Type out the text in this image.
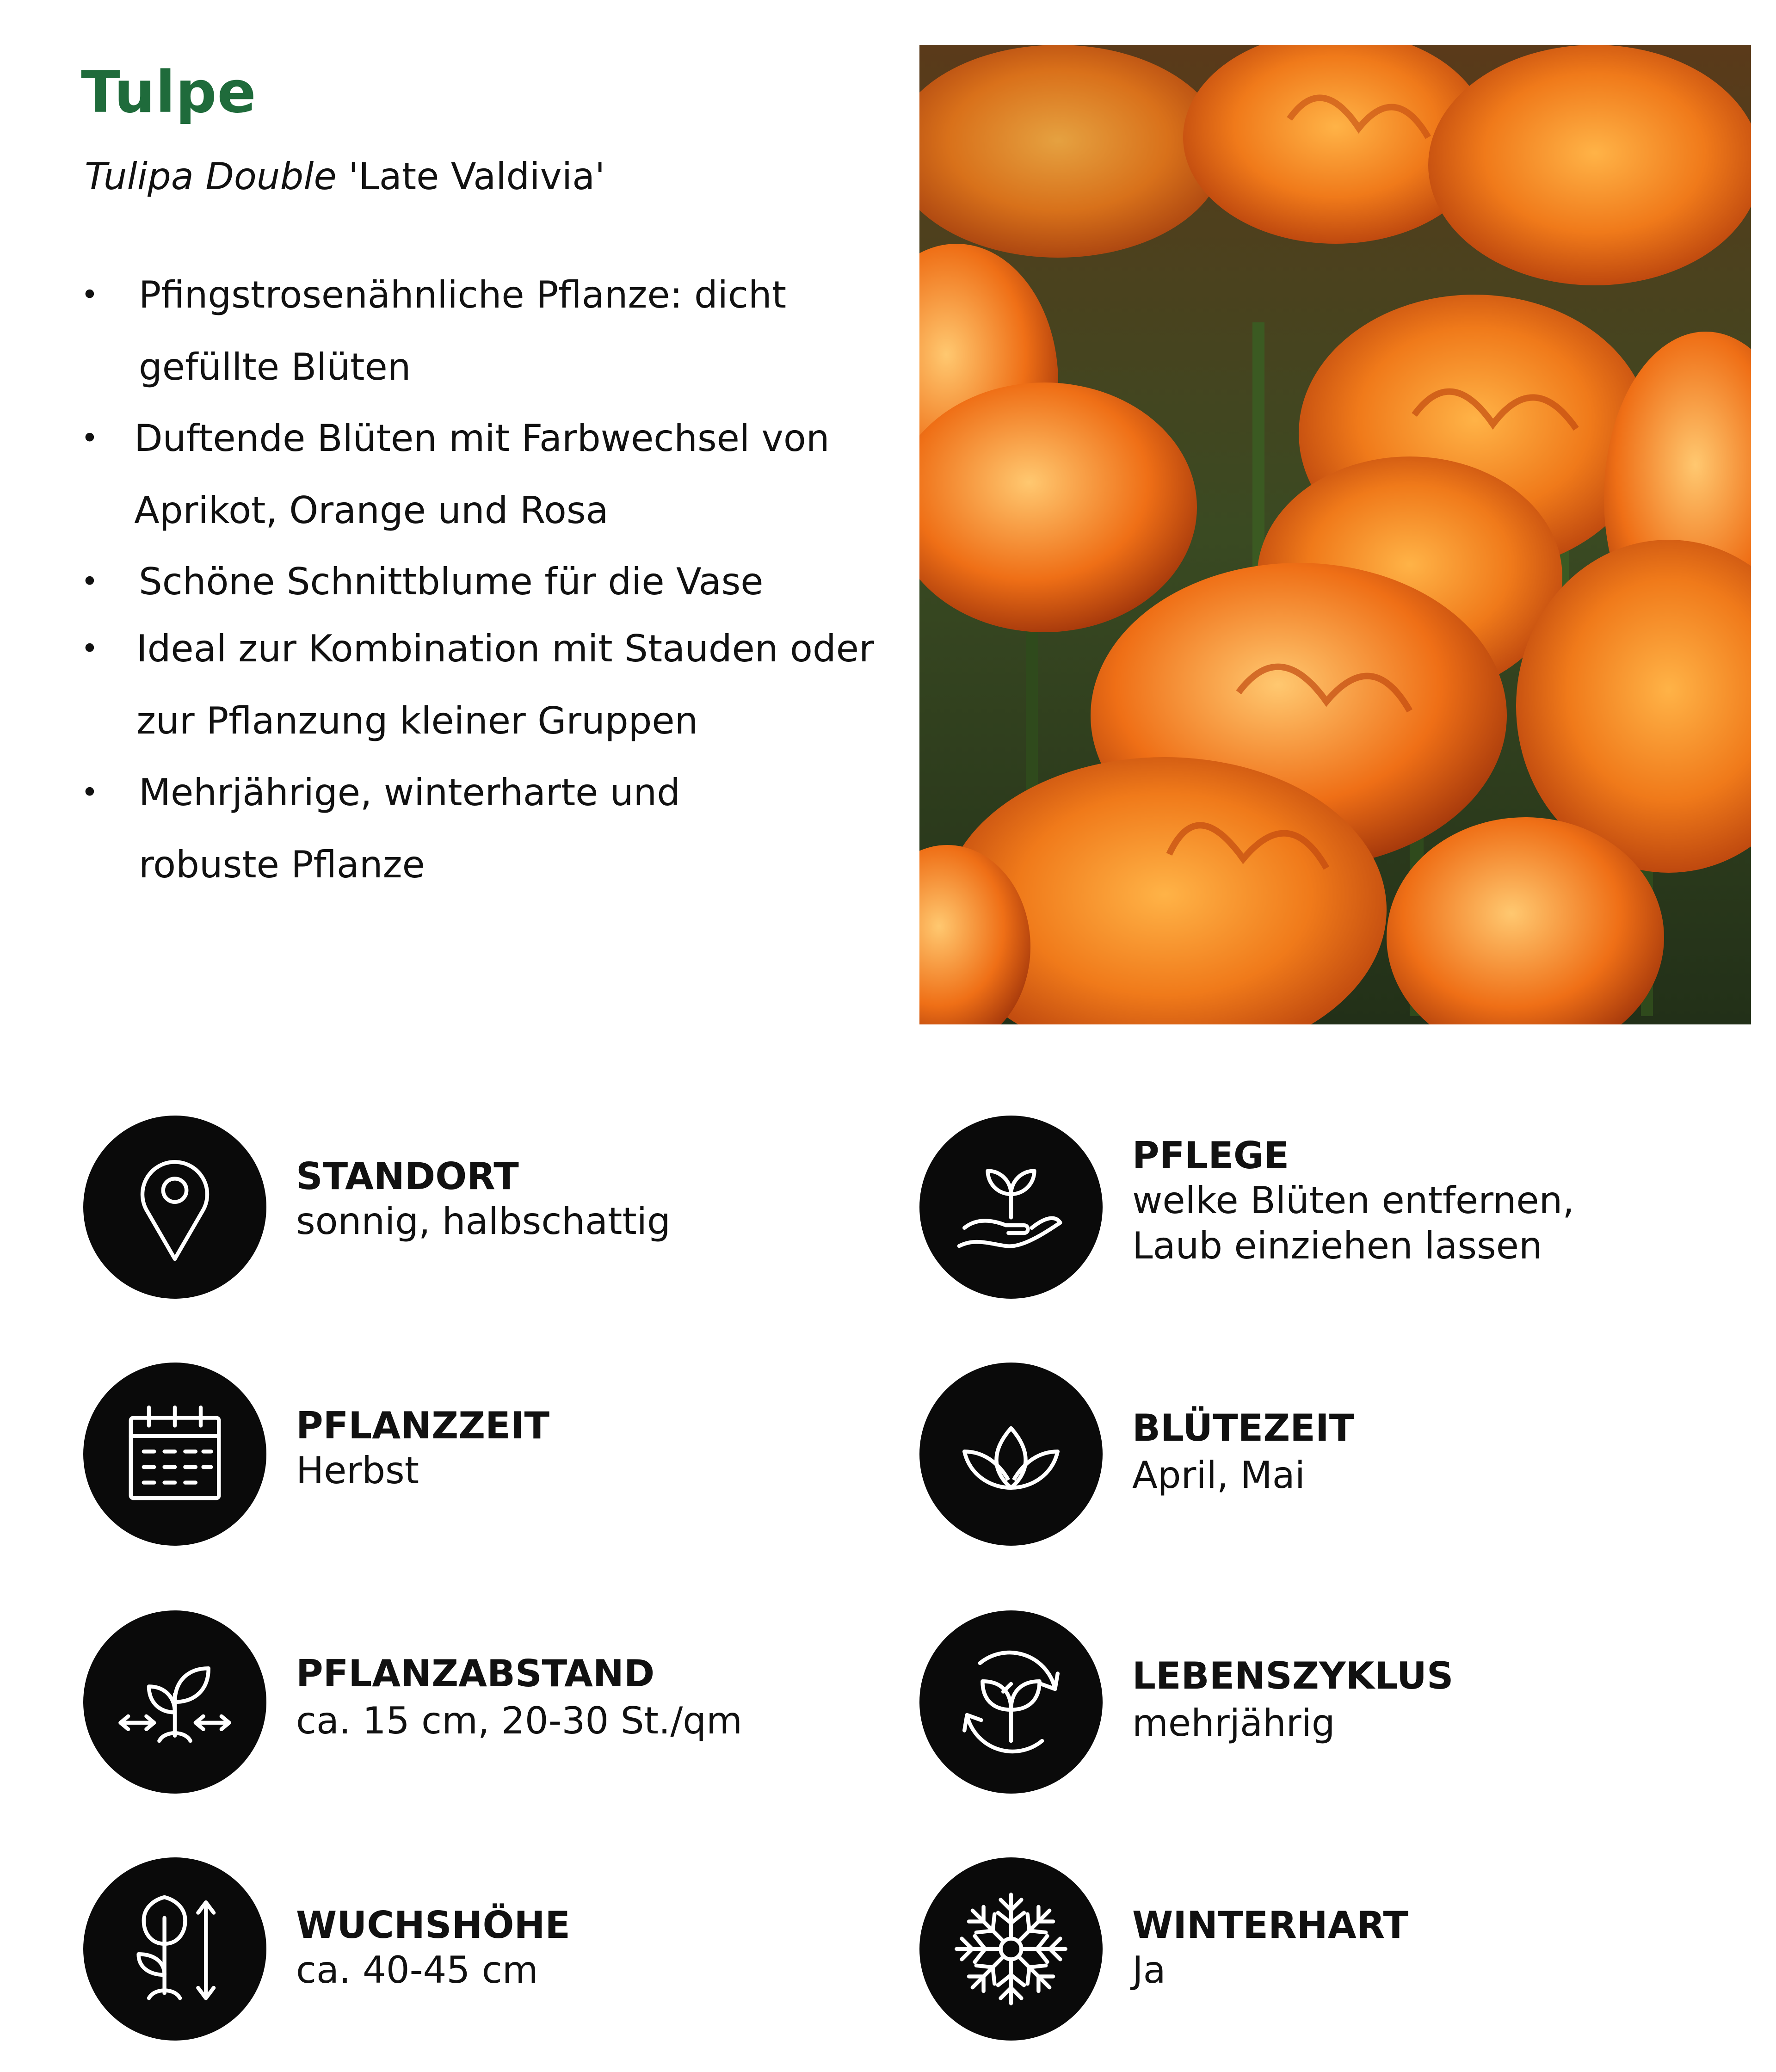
Tulpe
Tulipa Double 'Late Valdivia'
• Pfingstrosenähnliche Pflanze: dicht
gefüllte Blüten
• Duftende Blüten mit Farbwechsel von
Aprikot, Orange und Rosa
• Schöne Schnittblume für die Vase
• Ideal zur Kombination mit Stauden oder
zur Pflanzung kleiner Gruppen
• Mehrjährige, winterharte und
robuste Pflanze
STANDORT
sonnig, halbschattig
PFLEGE
welke Blüten entfernen,
Laub einziehen lassen
PFLANZZEIT
Herbst
BLÜTEZEIT
April, Mai
PFLANZABSTAND
ca. 15 cm, 20-30 St./qm
LEBENSZYKLUS
mehrjährig
WUCHSHÖHE
ca. 40-45 cm
WINTERHART
Ja
